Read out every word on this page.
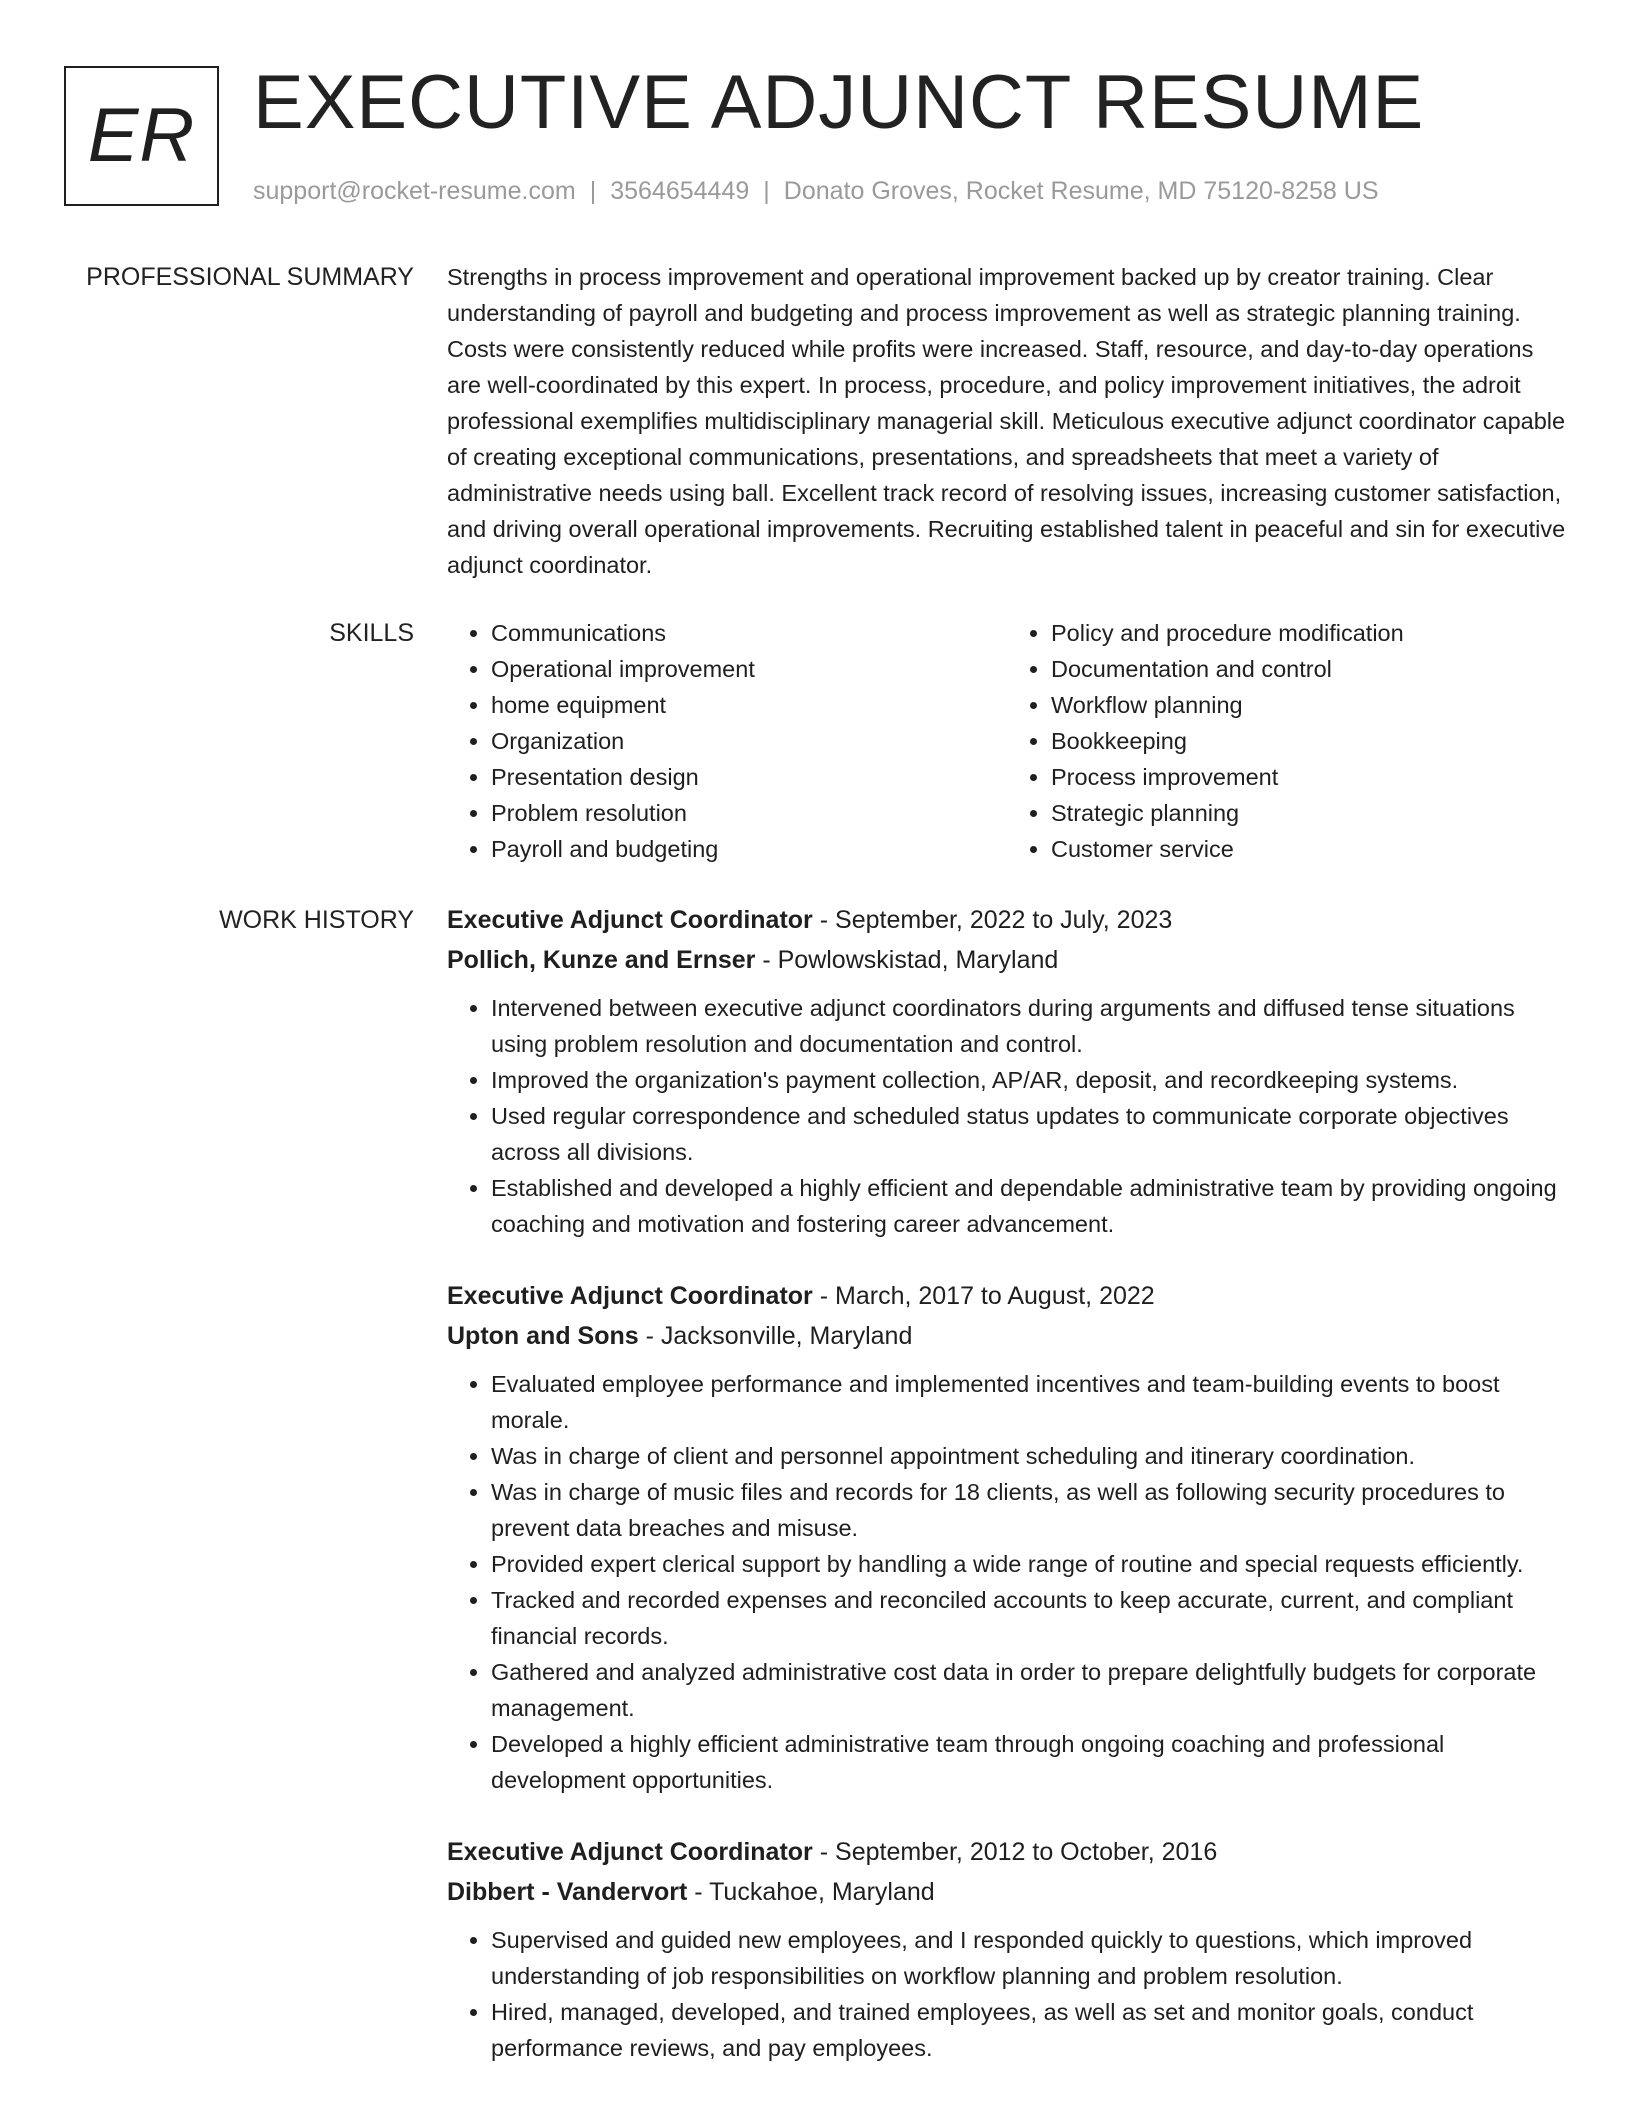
ER EXECUTIVE ADJUNCT RESUME
support@rocket-resume.com | 3564654449 | Donato Groves, Rocket Resume, MD 75120-8258 US
PROFESSIONAL SUMMARY Strengths in process improvement and operational improvement backed up by creator training. Clear understanding of payroll and budgeting and process improvement as well as strategic planning training. Costs were consistently reduced while profits were increased. Staff, resource, and day-to-day operations are well-coordinated by this expert. In process, procedure, and policy improvement initiatives, the adroit professional exemplifies multidisciplinary managerial skill. Meticulous executive adjunct coordinator capable of creating exceptional communications, presentations, and spreadsheets that meet a variety of administrative needs using ball. Excellent track record of resolving issues, increasing customer satisfaction, and driving overall operational improvements. Recruiting established talent in peaceful and sin for executive adjunct coordinator.

SKILLS
•	Communications
• Operational improvement
• home equipment
• Organization
• Presentation design
• Problem resolution
• Payroll and budgeting
• Policy and procedure modification
• Documentation and control
• Workflow planning
• Bookkeeping
• Process improvement
• Strategic planning
• Customer service
WORK HISTORY Executive Adjunct Coordinator - September, 2022 to July, 2023
Pollich, Kunze and Ernser - Powlowskistad, Maryland
• Intervened between executive adjunct coordinators during arguments and diffused tense situations using problem resolution and documentation and control.
• Improved the organization's payment collection, AP/AR, deposit, and recordkeeping systems.
• Used regular correspondence and scheduled status updates to communicate corporate objectives across all divisions.
• Established and developed a highly efficient and dependable administrative team by providing ongoing coaching and motivation and fostering career advancement.
Executive Adjunct Coordinator - March, 2017 to August, 2022
Upton and Sons - Jacksonville, Maryland
• Evaluated employee performance and implemented incentives and team-building events to boost morale.
• Was in charge of client and personnel appointment scheduling and itinerary coordination.
• Was in charge of music files and records for 18 clients, as well as following security procedures to prevent data breaches and misuse.
• Provided expert clerical support by handling a wide range of routine and special requests efficiently.
• Tracked and recorded expenses and reconciled accounts to keep accurate, current, and compliant financial records.
• Gathered and analyzed administrative cost data in order to prepare delightfully budgets for corporate management.
• Developed a highly efficient administrative team through ongoing coaching and professional development opportunities.
Executive Adjunct Coordinator - September, 2012 to October, 2016
Dibbert - Vandervort - Tuckahoe, Maryland
• Supervised and guided new employees, and I responded quickly to questions, which improved understanding of job responsibilities on workflow planning and problem resolution.
• Hired, managed, developed, and trained employees, as well as set and monitor goals, conduct performance reviews, and pay employees.
